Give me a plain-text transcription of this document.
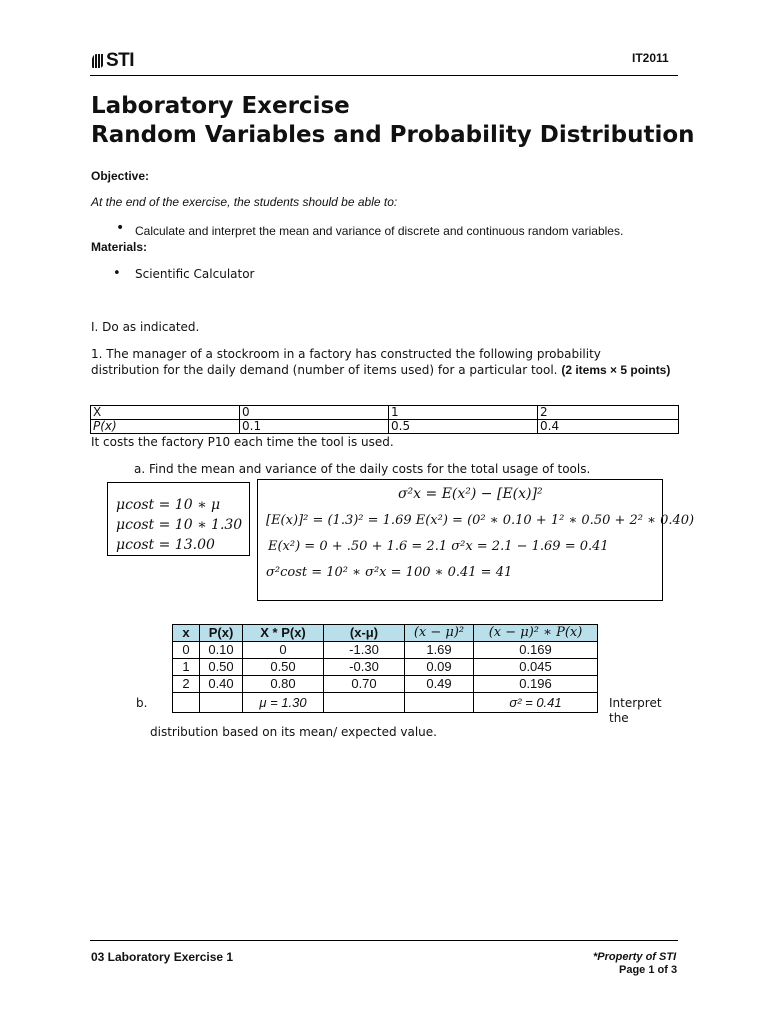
STI	IT2011
Laboratory Exercise
Random Variables and Probability Distribution
Objective:
At the end of the exercise, the students should be able to:
• Calculate and interpret the mean and variance of discrete and continuous random variables.
Materials:
• Scientific Calculator
I. Do as indicated.
1. The manager of a stockroom in a factory has constructed the following probability distribution for the daily demand (number of items used) for a particular tool. (2 items × 5 points)
X	0	1	2
P(x)	0.1	0.5	0.4
It costs the factory P10 each time the tool is used.
a. Find the mean and variance of the daily costs for the total usage of tools.
μcost = 10 ∗ μ
μcost = 10 ∗ 1.30
μcost = 13.00
σ²x = E(x²) − [E(x)]²
[E(x)]² = (1.3)² = 1.69 E(x²) = (0² ∗ 0.10 + 1² ∗ 0.50 + 2² ∗ 0.40)
E(x²) = 0 + .50 + 1.6 = 2.1 σ²x = 2.1 − 1.69 = 0.41
σ²cost = 10² ∗ σ²x = 100 ∗ 0.41 = 41
x	P(x)	X * P(x)	(x-μ)	(x − μ)²	(x − μ)² ∗ P(x)
0	0.10	0	-1.30	1.69	0.169
1	0.50	0.50	-0.30	0.09	0.045
2	0.40	0.80	0.70	0.49	0.196
		μ = 1.30			σ² = 0.41
b.	Interpret
the
distribution based on its mean/ expected value.
03 Laboratory Exercise 1	*Property of STI
Page 1 of 3
